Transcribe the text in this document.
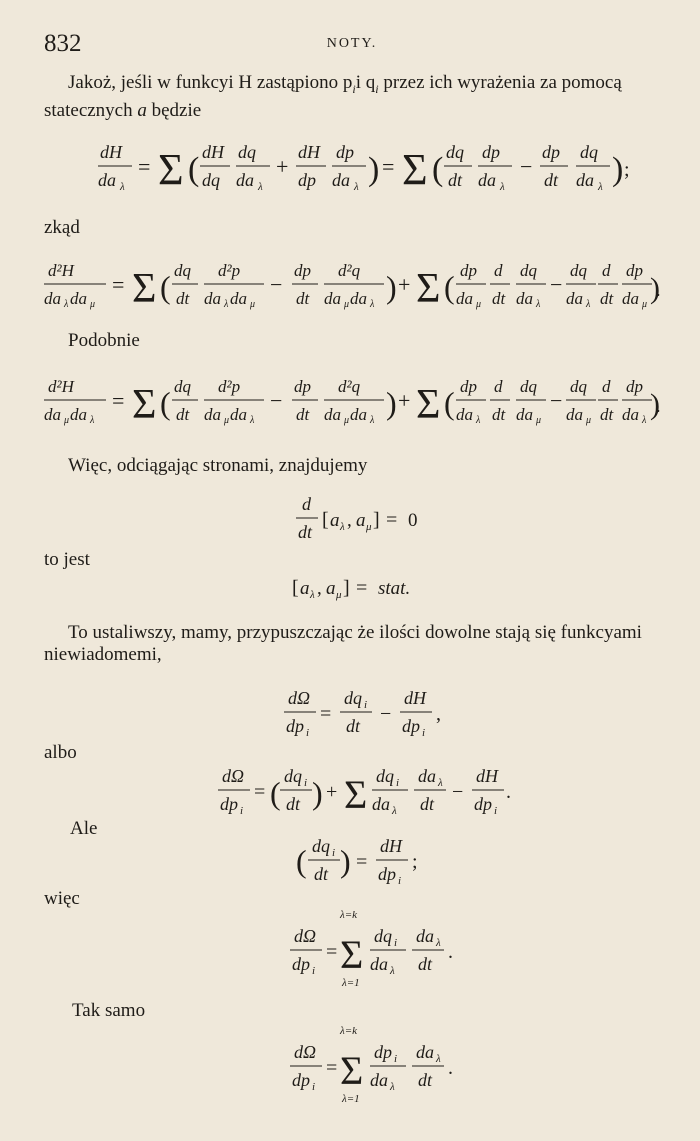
832	NOTY.
Jakoż, jeśli w funkcyi H zastąpiono $p_ii$ $q_i$ przez ich wyrażenia za pomocą statecznych a będzie
dH
da λ
= Σ ( dH
dq
dq
da λ
+
dH
dp
dp
da λ ) = Σ ( dq
dt
dp
da λ
−
dp
dt
dq
da λ ) ;
zkąd
d²H
da λ da μ
= Σ ( dq
dt
d²p
da λ da μ
−
dp
dt
d²q
da μ da λ ) + Σ ( dp
da μ
d
dt
dq
da λ
−
dq
da λ
d
dt
dp
da μ )
Podobnie
d²H
da μ da λ
= Σ ( dq
dt
d²p
da μ da λ
−
dp
dt
d²q
da μ da λ ) + Σ ( dp
da λ
d
dt
dq
da μ
−
dq
da μ
d
dt
dp
da λ )
Więc, odciągając stronami, znajdujemy
d
dt
[ a λ , a μ ] = 0
to jest
[ a λ , a μ ] = stat.
To ustaliwszy, mamy, przypuszczając że ilości dowolne stają się funkcyami niewiadomemi,
dΩ
dp i
=
dq i
dt
−
dH
dp i
,
albo
dΩ
dp i
= ( dq i
dt ) + Σ dq i
da λ
da λ
dt
−
dH
dp i
.
Ale
( dq i
dt ) =
dH
dp i
;
więc
dΩ
dp i
=
λ=k
Σ
λ=1
dq i
da λ
da λ
dt
.
Tak samo
dΩ
dp i
=
λ=k
Σ
λ=1
dp i
da λ
da λ
dt
.
